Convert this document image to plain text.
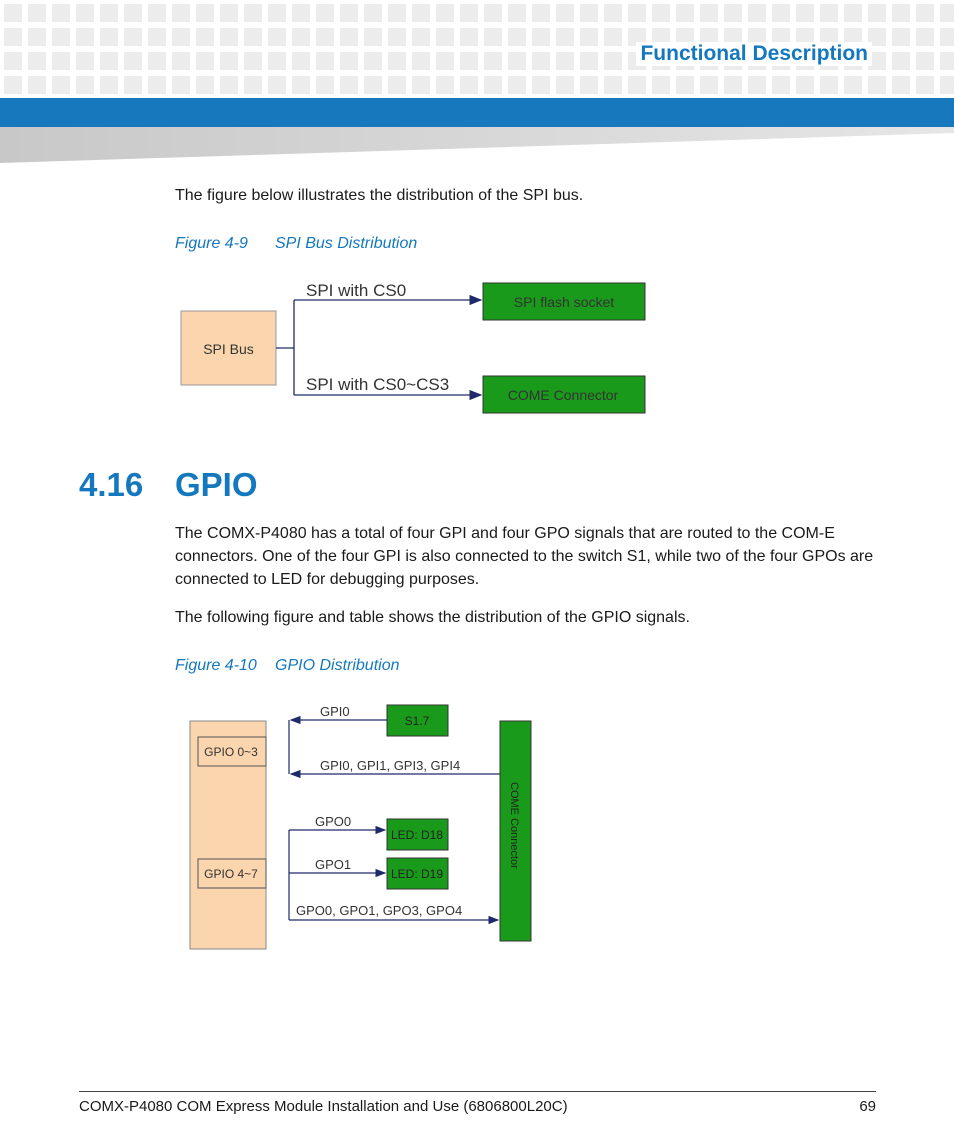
Functional Description
The figure below illustrates the distribution of the SPI bus.
Figure 4-9 SPI Bus Distribution
SPI Bus
SPI with CS0
SPI with CS0~CS3
SPI flash socket
COME Connector
4.16 GPIO
The COMX-P4080 has a total of four GPI and four GPO signals that are routed to the COM-E connectors. One of the four GPI is also connected to the switch S1, while two of the four GPOs are connected to LED for debugging purposes.
The following figure and table shows the distribution of the GPIO signals.
Figure 4-10 GPIO Distribution
GPIO 0~3
GPIO 4~7
GPI0
S1.7
GPI0, GPI1, GPI3, GPI4
GPO0
LED: D18
GPO1
LED: D19
GPO0, GPO1, GPO3, GPO4
COME Connector
COMX-P4080 COM Express Module Installation and Use (6806800L20C)	69
